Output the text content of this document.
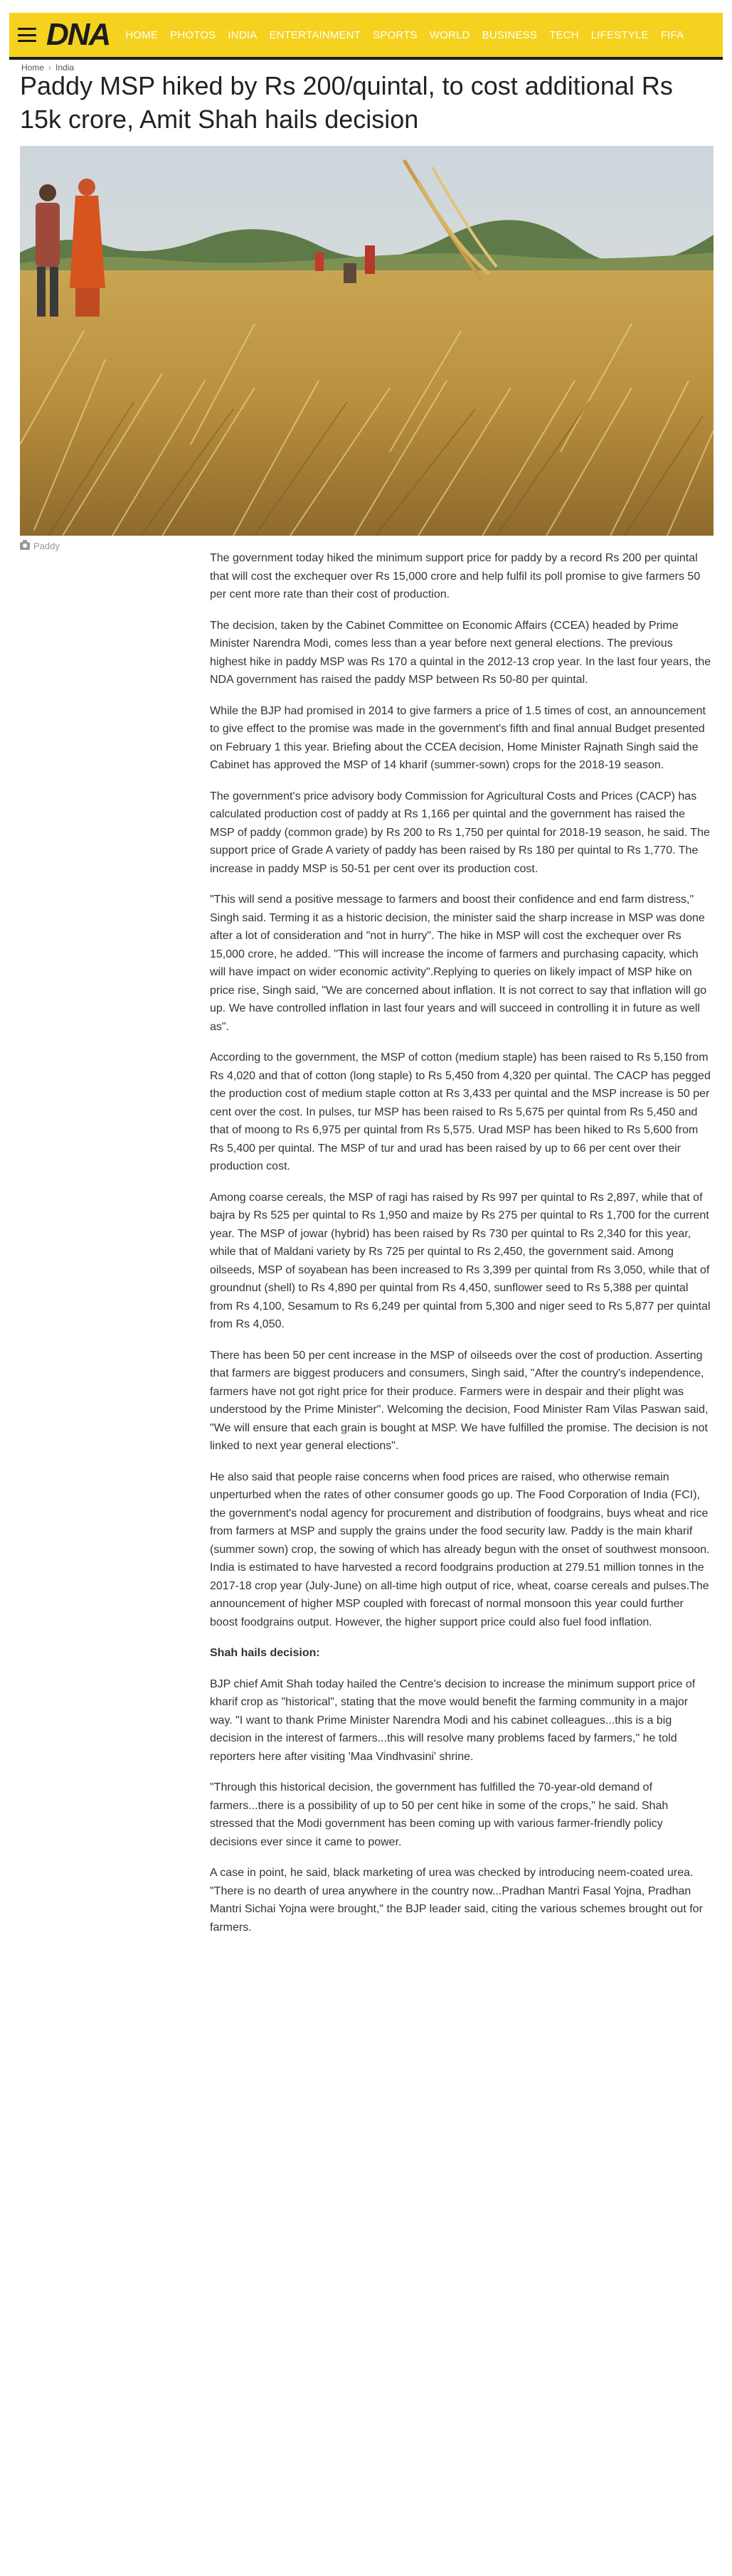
DNA HOME PHOTOS INDIA ENTERTAINMENT SPORTS WORLD BUSINESS TECH LIFESTYLE FIFA
Home › India
Paddy MSP hiked by Rs 200/quintal, to cost additional Rs 15k crore, Amit Shah hails decision
Paddy

The government today hiked the minimum support price for paddy by a record Rs 200 per quintal that will cost the exchequer over Rs 15,000 crore and help fulfil its poll promise to give farmers 50 per cent more rate than their cost of production.

The decision, taken by the Cabinet Committee on Economic Affairs (CCEA) headed by Prime Minister Narendra Modi, comes less than a year before next general elections. The previous highest hike in paddy MSP was Rs 170 a quintal in the 2012-13 crop year. In the last four years, the NDA government has raised the paddy MSP between Rs 50-80 per quintal.

While the BJP had promised in 2014 to give farmers a price of 1.5 times of cost, an announcement to give effect to the promise was made in the government's fifth and final annual Budget presented on February 1 this year. Briefing about the CCEA decision, Home Minister Rajnath Singh said the Cabinet has approved the MSP of 14 kharif (summer-sown) crops for the 2018-19 season.

The government's price advisory body Commission for Agricultural Costs and Prices (CACP) has calculated production cost of paddy at Rs 1,166 per quintal and the government has raised the MSP of paddy (common grade) by Rs 200 to Rs 1,750 per quintal for 2018-19 season, he said. The support price of Grade A variety of paddy has been raised by Rs 180 per quintal to Rs 1,770. The increase in paddy MSP is 50-51 per cent over its production cost.

"This will send a positive message to farmers and boost their confidence and end farm distress," Singh said. Terming it as a historic decision, the minister said the sharp increase in MSP was done after a lot of consideration and "not in hurry". The hike in MSP will cost the exchequer over Rs 15,000 crore, he added. "This will increase the income of farmers and purchasing capacity, which will have impact on wider economic activity".Replying to queries on likely impact of MSP hike on price rise, Singh said, "We are concerned about inflation. It is not correct to say that inflation will go up. We have controlled inflation in last four years and will succeed in controlling it in future as well as".

According to the government, the MSP of cotton (medium staple) has been raised to Rs 5,150 from Rs 4,020 and that of cotton (long staple) to Rs 5,450 from 4,320 per quintal. The CACP has pegged the production cost of medium staple cotton at Rs 3,433 per quintal and the MSP increase is 50 per cent over the cost. In pulses, tur MSP has been raised to Rs 5,675 per quintal from Rs 5,450 and that of moong to Rs 6,975 per quintal from Rs 5,575. Urad MSP has been hiked to Rs 5,600 from Rs 5,400 per quintal. The MSP of tur and urad has been raised by up to 66 per cent over their production cost.

Among coarse cereals, the MSP of ragi has raised by Rs 997 per quintal to Rs 2,897, while that of bajra by Rs 525 per quintal to Rs 1,950 and maize by Rs 275 per quintal to Rs 1,700 for the current year. The MSP of jowar (hybrid) has been raised by Rs 730 per quintal to Rs 2,340 for this year, while that of Maldani variety by Rs 725 per quintal to Rs 2,450, the government said. Among oilseeds, MSP of soyabean has been increased to Rs 3,399 per quintal from Rs 3,050, while that of groundnut (shell) to Rs 4,890 per quintal from Rs 4,450, sunflower seed to Rs 5,388 per quintal from Rs 4,100, Sesamum to Rs 6,249 per quintal from 5,300 and niger seed to Rs 5,877 per quintal from Rs 4,050.

There has been 50 per cent increase in the MSP of oilseeds over the cost of production. Asserting that farmers are biggest producers and consumers, Singh said, "After the country's independence, farmers have not got right price for their produce. Farmers were in despair and their plight was understood by the Prime Minister". Welcoming the decision, Food Minister Ram Vilas Paswan said, "We will ensure that each grain is bought at MSP. We have fulfilled the promise. The decision is not linked to next year general elections".

He also said that people raise concerns when food prices are raised, who otherwise remain unperturbed when the rates of other consumer goods go up. The Food Corporation of India (FCI), the government's nodal agency for procurement and distribution of foodgrains, buys wheat and rice from farmers at MSP and supply the grains under the food security law. Paddy is the main kharif (summer sown) crop, the sowing of which has already begun with the onset of southwest monsoon. India is estimated to have harvested a record foodgrains production at 279.51 million tonnes in the 2017-18 crop year (July-June) on all-time high output of rice, wheat, coarse cereals and pulses.The announcement of higher MSP coupled with forecast of normal monsoon this year could further boost foodgrains output. However, the higher support price could also fuel food inflation.

Shah hails decision:

BJP chief Amit Shah today hailed the Centre's decision to increase the minimum support price of kharif crop as "historical", stating that the move would benefit the farming community in a major way. "I want to thank Prime Minister Narendra Modi and his cabinet colleagues...this is a big decision in the interest of farmers...this will resolve many problems faced by farmers," he told reporters here after visiting 'Maa Vindhvasini' shrine.

"Through this historical decision, the government has fulfilled the 70-year-old demand of farmers...there is a possibility of up to 50 per cent hike in some of the crops," he said. Shah stressed that the Modi government has been coming up with various farmer-friendly policy decisions ever since it came to power.

A case in point, he said, black marketing of urea was checked by introducing neem-coated urea. "There is no dearth of urea anywhere in the country now...Pradhan Mantri Fasal Yojna, Pradhan Mantri Sichai Yojna were brought," the BJP leader said, citing the various schemes brought out for farmers.
